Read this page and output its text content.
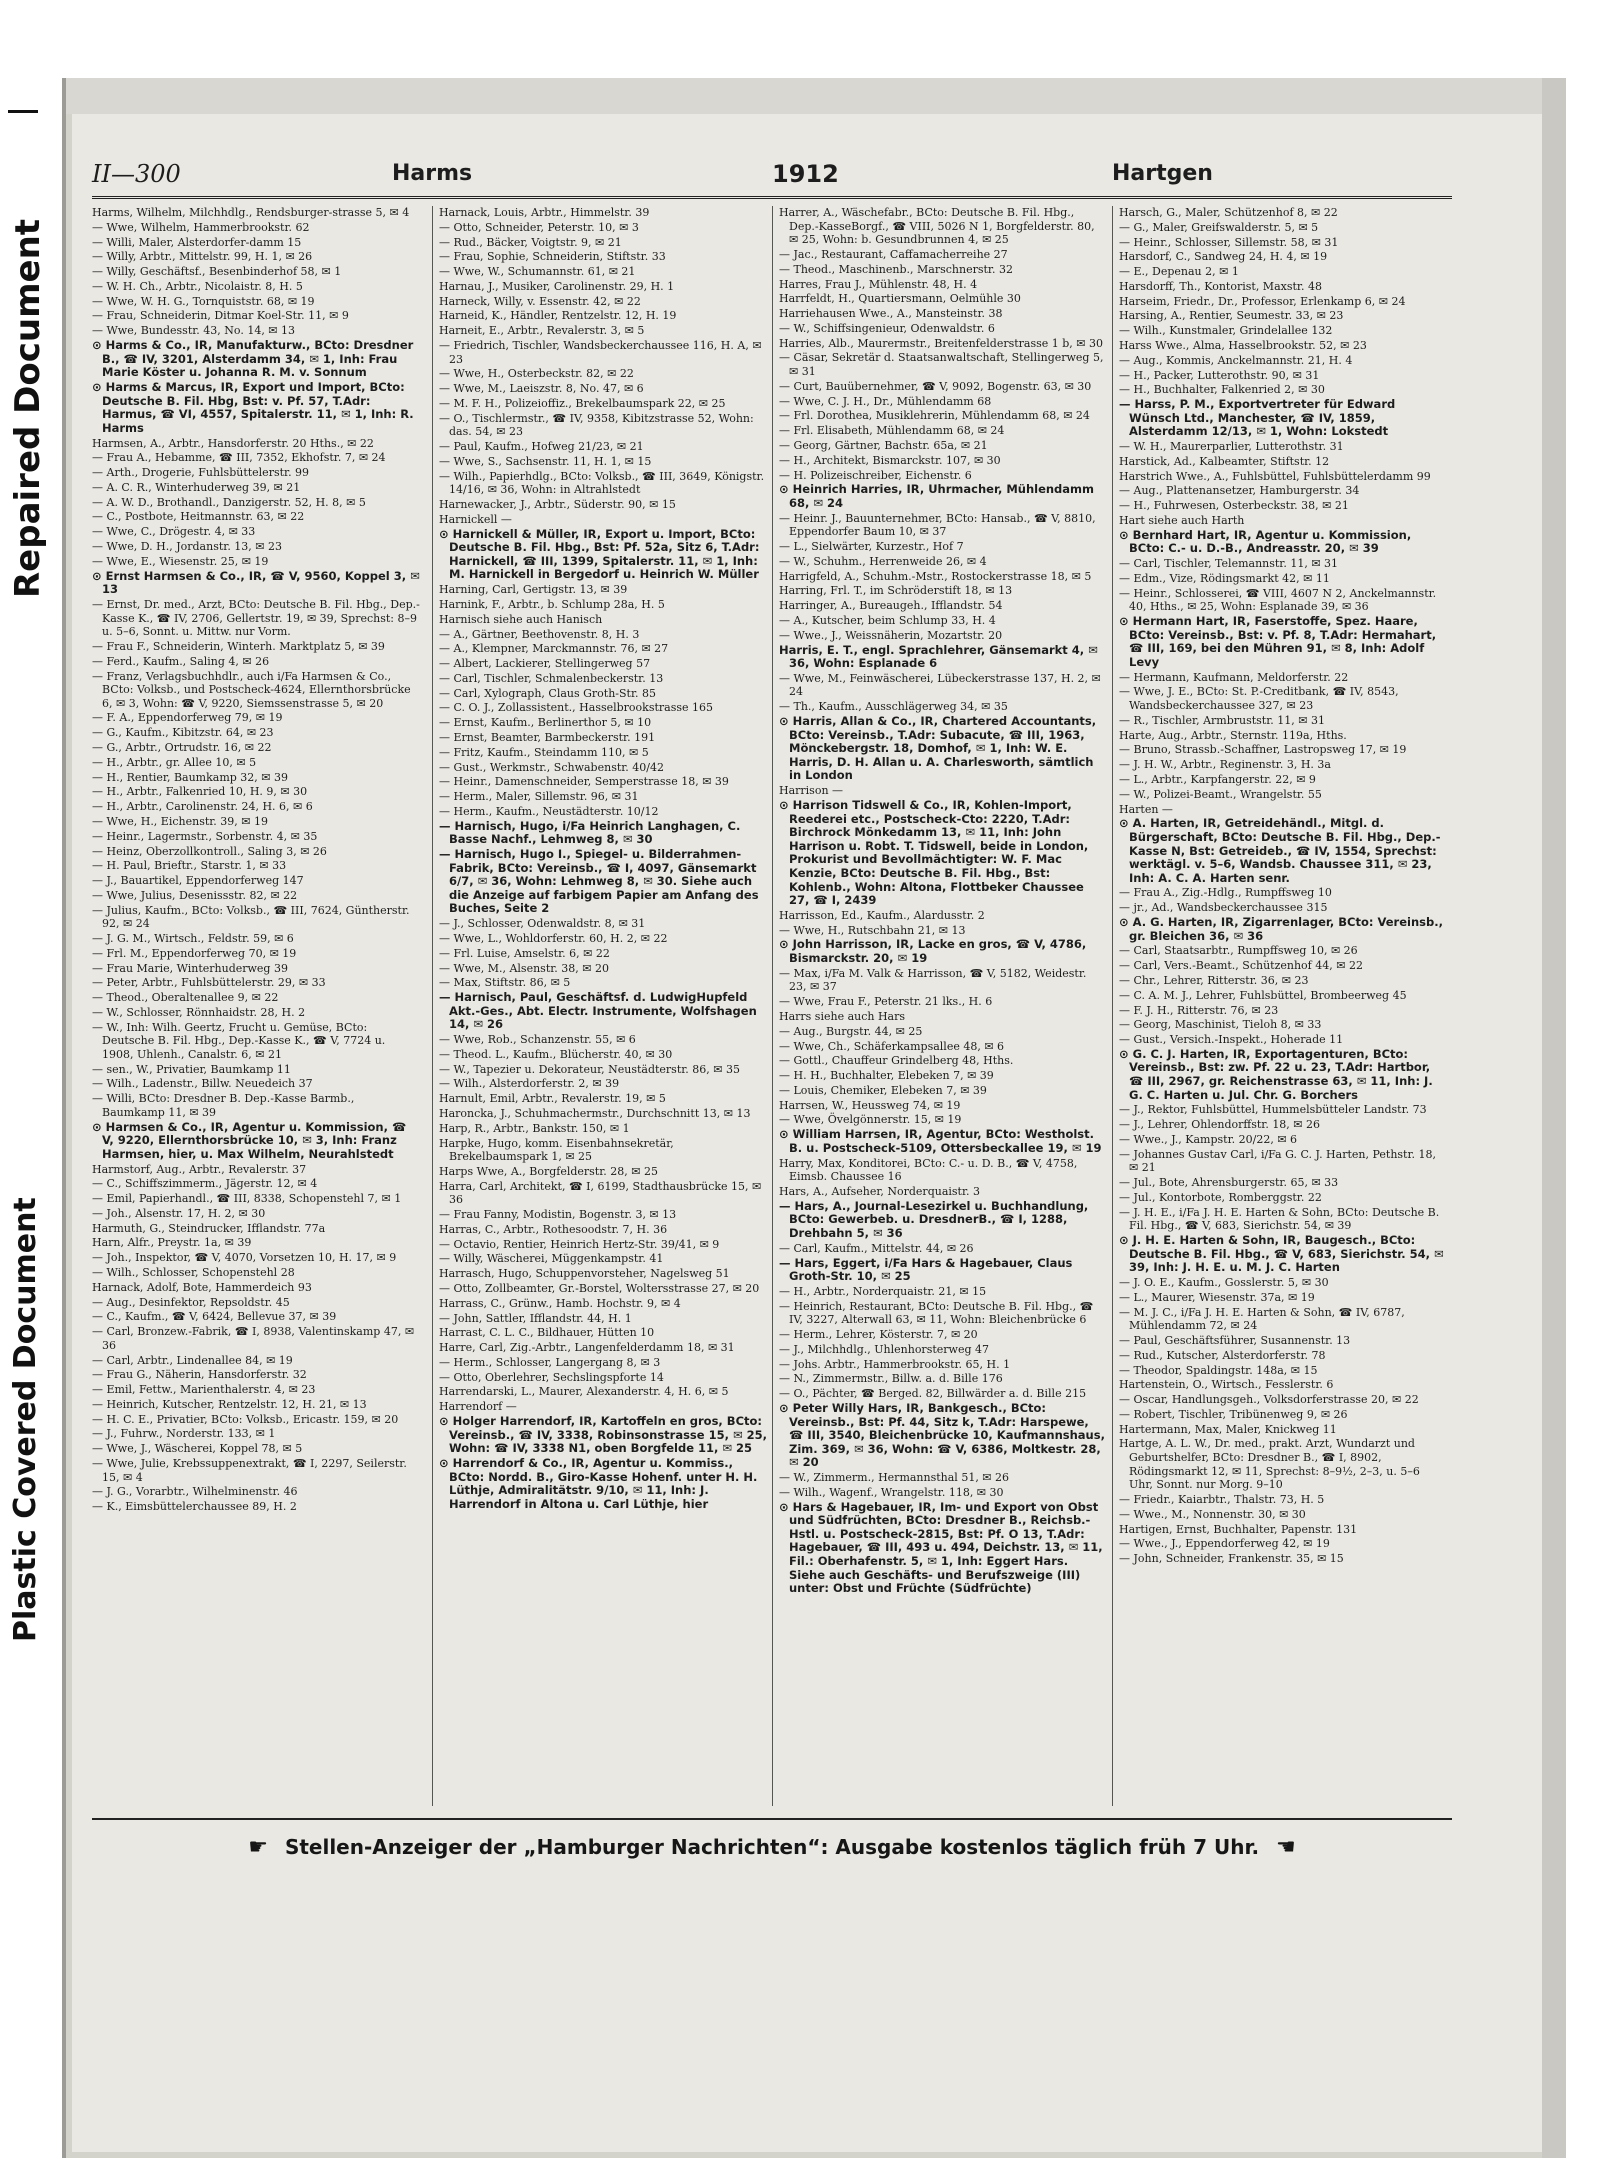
Repaired Document
Plastic Covered Document
II—300	Harms	1912	Hartgen
Harms, Wilhelm, Milchhdlg., Rendsburger-strasse 5, ✉ 4
— Wwe, Wilhelm, Hammerbrookstr. 62
— Willi, Maler, Alsterdorfer-damm 15
— Willy, Arbtr., Mittelstr. 99, H. 1, ✉ 26
— Willy, Geschäftsf., Besenbinderhof 58, ✉ 1
— W. H. Ch., Arbtr., Nicolaistr. 8, H. 5
— Wwe, W. H. G., Tornquiststr. 68, ✉ 19
— Frau, Schneiderin, Ditmar Koel-Str. 11, ✉ 9
— Wwe, Bundesstr. 43, No. 14, ✉ 13
⊙ Harms & Co., IR, Manufakturw., BCto: Dresdner B., ☎ IV, 3201, Alsterdamm 34, ✉ 1, Inh: Frau Marie Köster u. Johanna R. M. v. Sonnum
⊙ Harms & Marcus, IR, Export und Import, BCto: Deutsche B. Fil. Hbg, Bst: v. Pf. 57, T.Adr: Harmus, ☎ VI, 4557, Spitalerstr. 11, ✉ 1, Inh: R. Harms
Harmsen, A., Arbtr., Hansdorferstr. 20 Hths., ✉ 22
— Frau A., Hebamme, ☎ III, 7352, Ekhofstr. 7, ✉ 24
— Arth., Drogerie, Fuhlsbüttelerstr. 99
— A. C. R., Winterhuderweg 39, ✉ 21
— A. W. D., Brothandl., Danzigerstr. 52, H. 8, ✉ 5
— C., Postbote, Heitmannstr. 63, ✉ 22
— Wwe, C., Drögestr. 4, ✉ 33
— Wwe, D. H., Jordanstr. 13, ✉ 23
— Wwe, E., Wiesenstr. 25, ✉ 19
⊙ Ernst Harmsen & Co., IR, ☎ V, 9560, Koppel 3, ✉ 13
— Ernst, Dr. med., Arzt, BCto: Deutsche B. Fil. Hbg., Dep.-Kasse K., ☎ IV, 2706, Gellertstr. 19, ✉ 39, Sprechst: 8–9 u. 5–6, Sonnt. u. Mittw. nur Vorm.
— Frau F., Schneiderin, Winterh. Marktplatz 5, ✉ 39
— Ferd., Kaufm., Saling 4, ✉ 26
— Franz, Verlagsbuchhdlr., auch i/Fa Harmsen & Co., BCto: Volksb., und Postscheck-4624, Ellernthorsbrücke 6, ✉ 3, Wohn: ☎ V, 9220, Siemssenstrasse 5, ✉ 20
— F. A., Eppendorferweg 79, ✉ 19
— G., Kaufm., Kibitzstr. 64, ✉ 23
— G., Arbtr., Ortrudstr. 16, ✉ 22
— H., Arbtr., gr. Allee 10, ✉ 5
— H., Rentier, Baumkamp 32, ✉ 39
— H., Arbtr., Falkenried 10, H. 9, ✉ 30
— H., Arbtr., Carolinenstr. 24, H. 6, ✉ 6
— Wwe, H., Eichenstr. 39, ✉ 19
— Heinr., Lagermstr., Sorbenstr. 4, ✉ 35
— Heinz, Oberzollkontroll., Saling 3, ✉ 26
— H. Paul, Brieftr., Starstr. 1, ✉ 33
— J., Bauartikel, Eppendorferweg 147
— Wwe, Julius, Desenissstr. 82, ✉ 22
— Julius, Kaufm., BCto: Volksb., ☎ III, 7624, Güntherstr. 92, ✉ 24
— J. G. M., Wirtsch., Feldstr. 59, ✉ 6
— Frl. M., Eppendorferweg 70, ✉ 19
— Frau Marie, Winterhuderweg 39
— Peter, Arbtr., Fuhlsbüttelerstr. 29, ✉ 33
— Theod., Oberaltenallee 9, ✉ 22
— W., Schlosser, Rönnhaidstr. 28, H. 2
— W., Inh: Wilh. Geertz, Frucht u. Gemüse, BCto: Deutsche B. Fil. Hbg., Dep.-Kasse K., ☎ V, 7724 u. 1908, Uhlenh., Canalstr. 6, ✉ 21
— sen., W., Privatier, Baumkamp 11
— Wilh., Ladenstr., Billw. Neuedeich 37
— Willi, BCto: Dresdner B. Dep.-Kasse Barmb., Baumkamp 11, ✉ 39
⊙ Harmsen & Co., IR, Agentur u. Kommission, ☎ V, 9220, Ellernthorsbrücke 10, ✉ 3, Inh: Franz Harmsen, hier, u. Max Wilhelm, Neurahlstedt
Harmstorf, Aug., Arbtr., Revalerstr. 37
— C., Schiffszimmerm., Jägerstr. 12, ✉ 4
— Emil, Papierhandl., ☎ III, 8338, Schopenstehl 7, ✉ 1
— Joh., Alsenstr. 17, H. 2, ✉ 30
Harmuth, G., Steindrucker, Ifflandstr. 77a
Harn, Alfr., Preystr. 1a, ✉ 39
— Joh., Inspektor, ☎ V, 4070, Vorsetzen 10, H. 17, ✉ 9
— Wilh., Schlosser, Schopenstehl 28
Harnack, Adolf, Bote, Hammerdeich 93
— Aug., Desinfektor, Repsoldstr. 45
— C., Kaufm., ☎ V, 6424, Bellevue 37, ✉ 39
— Carl, Bronzew.-Fabrik, ☎ I, 8938, Valentinskamp 47, ✉ 36
— Carl, Arbtr., Lindenallee 84, ✉ 19
— Frau G., Näherin, Hansdorferstr. 32
— Emil, Fettw., Marienthalerstr. 4, ✉ 23
— Heinrich, Kutscher, Rentzelstr. 12, H. 21, ✉ 13
— H. C. E., Privatier, BCto: Volksb., Ericastr. 159, ✉ 20
— J., Fuhrw., Norderstr. 133, ✉ 1
— Wwe, J., Wäscherei, Koppel 78, ✉ 5
— Wwe, Julie, Krebssuppenextrakt, ☎ I, 2297, Seilerstr. 15, ✉ 4
— J. G., Vorarbtr., Wilhelminenstr. 46
— K., Eimsbüttelerchaussee 89, H. 2
Harnack, Louis, Arbtr., Himmelstr. 39
— Otto, Schneider, Peterstr. 10, ✉ 3
— Rud., Bäcker, Voigtstr. 9, ✉ 21
— Frau, Sophie, Schneiderin, Stiftstr. 33
— Wwe, W., Schumannstr. 61, ✉ 21
Harnau, J., Musiker, Carolinenstr. 29, H. 1
Harneck, Willy, v. Essenstr. 42, ✉ 22
Harneid, K., Händler, Rentzelstr. 12, H. 19
Harneit, E., Arbtr., Revalerstr. 3, ✉ 5
— Friedrich, Tischler, Wandsbeckerchaussee 116, H. A, ✉ 23
— Wwe, H., Osterbeckstr. 82, ✉ 22
— Wwe, M., Laeiszstr. 8, No. 47, ✉ 6
— M. F. H., Polizeioffiz., Brekelbaumspark 22, ✉ 25
— O., Tischlermstr., ☎ IV, 9358, Kibitzstrasse 52, Wohn: das. 54, ✉ 23
— Paul, Kaufm., Hofweg 21/23, ✉ 21
— Wwe, S., Sachsenstr. 11, H. 1, ✉ 15
— Wilh., Papierhdlg., BCto: Volksb., ☎ III, 3649, Königstr. 14/16, ✉ 36, Wohn: in Altrahlstedt
Harnewacker, J., Arbtr., Süderstr. 90, ✉ 15
Harnickell —
⊙ Harnickell & Müller, IR, Export u. Import, BCto: Deutsche B. Fil. Hbg., Bst: Pf. 52a, Sitz 6, T.Adr: Harnickell, ☎ III, 1399, Spitalerstr. 11, ✉ 1, Inh: M. Harnickell in Bergedorf u. Heinrich W. Müller
Harning, Carl, Gertigstr. 13, ✉ 39
Harnink, F., Arbtr., b. Schlump 28a, H. 5
Harnisch siehe auch Hanisch
— A., Gärtner, Beethovenstr. 8, H. 3
— A., Klempner, Marckmannstr. 76, ✉ 27
— Albert, Lackierer, Stellingerweg 57
— Carl, Tischler, Schmalenbeckerstr. 13
— Carl, Xylograph, Claus Groth-Str. 85
— C. O. J., Zollassistent., Hasselbrookstrasse 165
— Ernst, Kaufm., Berlinerthor 5, ✉ 10
— Ernst, Beamter, Barmbeckerstr. 191
— Fritz, Kaufm., Steindamm 110, ✉ 5
— Gust., Werkmstr., Schwabenstr. 40/42
— Heinr., Damenschneider, Semperstrasse 18, ✉ 39
— Herm., Maler, Sillemstr. 96, ✉ 31
— Herm., Kaufm., Neustädterstr. 10/12
— Harnisch, Hugo, i/Fa Heinrich Langhagen, C. Basse Nachf., Lehmweg 8, ✉ 30
— Harnisch, Hugo I., Spiegel- u. Bilderrahmen-Fabrik, BCto: Vereinsb., ☎ I, 4097, Gänsemarkt 6/7, ✉ 36, Wohn: Lehmweg 8, ✉ 30. Siehe auch die Anzeige auf farbigem Papier am Anfang des Buches, Seite 2
— J., Schlosser, Odenwaldstr. 8, ✉ 31
— Wwe, L., Wohldorferstr. 60, H. 2, ✉ 22
— Frl. Luise, Amselstr. 6, ✉ 22
— Wwe, M., Alsenstr. 38, ✉ 20
— Max, Stiftstr. 86, ✉ 5
— Harnisch, Paul, Geschäftsf. d. LudwigHupfeld Akt.-Ges., Abt. Electr. Instrumente, Wolfshagen 14, ✉ 26
— Wwe, Rob., Schanzenstr. 55, ✉ 6
— Theod. L., Kaufm., Blücherstr. 40, ✉ 30
— W., Tapezier u. Dekorateur, Neustädterstr. 86, ✉ 35
— Wilh., Alsterdorferstr. 2, ✉ 39
Harnult, Emil, Arbtr., Revalerstr. 19, ✉ 5
Haroncka, J., Schuhmachermstr., Durchschnitt 13, ✉ 13
Harp, R., Arbtr., Bankstr. 150, ✉ 1
Harpke, Hugo, komm. Eisenbahnsekretär, Brekelbaumspark 1, ✉ 25
Harps Wwe, A., Borgfelderstr. 28, ✉ 25
Harra, Carl, Architekt, ☎ I, 6199, Stadthausbrücke 15, ✉ 36
— Frau Fanny, Modistin, Bogenstr. 3, ✉ 13
Harras, C., Arbtr., Rothesoodstr. 7, H. 36
— Octavio, Rentier, Heinrich Hertz-Str. 39/41, ✉ 9
— Willy, Wäscherei, Müggenkampstr. 41
Harrasch, Hugo, Schuppenvorsteher, Nagelsweg 51
— Otto, Zollbeamter, Gr.-Borstel, Woltersstrasse 27, ✉ 20
Harrass, C., Grünw., Hamb. Hochstr. 9, ✉ 4
— John, Sattler, Ifflandstr. 44, H. 1
Harrast, C. L. C., Bildhauer, Hütten 10
Harre, Carl, Zig.-Arbtr., Langenfelderdamm 18, ✉ 31
— Herm., Schlosser, Langergang 8, ✉ 3
— Otto, Oberlehrer, Sechslingspforte 14
Harrendarski, L., Maurer, Alexanderstr. 4, H. 6, ✉ 5
Harrendorf —
⊙ Holger Harrendorf, IR, Kartoffeln en gros, BCto: Vereinsb., ☎ IV, 3338, Robinsonstrasse 15, ✉ 25, Wohn: ☎ IV, 3338 N1, oben Borgfelde 11, ✉ 25
⊙ Harrendorf & Co., IR, Agentur u. Kommiss., BCto: Nordd. B., Giro-Kasse Hohenf. unter H. H. Lüthje, Admiralitätstr. 9/10, ✉ 11, Inh: J. Harrendorf in Altona u. Carl Lüthje, hier
Harrer, A., Wäschefabr., BCto: Deutsche B. Fil. Hbg., Dep.-KasseBorgf., ☎ VIII, 5026 N 1, Borgfelderstr. 80, ✉ 25, Wohn: b. Gesundbrunnen 4, ✉ 25
— Jac., Restaurant, Caffamacherreihe 27
— Theod., Maschinenb., Marschnerstr. 32
Harres, Frau J., Mühlenstr. 48, H. 4
Harrfeldt, H., Quartiersmann, Oelmühle 30
Harriehausen Wwe., A., Mansteinstr. 38
— W., Schiffsingenieur, Odenwaldstr. 6
Harries, Alb., Maurermstr., Breitenfelderstrasse 1 b, ✉ 30
— Cäsar, Sekretär d. Staatsanwaltschaft, Stellingerweg 5, ✉ 31
— Curt, Bauübernehmer, ☎ V, 9092, Bogenstr. 63, ✉ 30
— Wwe, C. J. H., Dr., Mühlendamm 68
— Frl. Dorothea, Musiklehrerin, Mühlendamm 68, ✉ 24
— Frl. Elisabeth, Mühlendamm 68, ✉ 24
— Georg, Gärtner, Bachstr. 65a, ✉ 21
— H., Architekt, Bismarckstr. 107, ✉ 30
— H. Polizeischreiber, Eichenstr. 6
⊙ Heinrich Harries, IR, Uhrmacher, Mühlendamm 68, ✉ 24
— Heinr. J., Bauunternehmer, BCto: Hansab., ☎ V, 8810, Eppendorfer Baum 10, ✉ 37
— L., Sielwärter, Kurzestr., Hof 7
— W., Schuhm., Herrenweide 26, ✉ 4
Harrigfeld, A., Schuhm.-Mstr., Rostockerstrasse 18, ✉ 5
Harring, Frl. T., im Schröderstift 18, ✉ 13
Harringer, A., Bureaugeh., Ifflandstr. 54
— A., Kutscher, beim Schlump 33, H. 4
— Wwe., J., Weissnäherin, Mozartstr. 20
Harris, E. T., engl. Sprachlehrer, Gänsemarkt 4, ✉ 36, Wohn: Esplanade 6
— Wwe, M., Feinwäscherei, Lübeckerstrasse 137, H. 2, ✉ 24
— Th., Kaufm., Ausschlägerweg 34, ✉ 35
⊙ Harris, Allan & Co., IR, Chartered Accountants, BCto: Vereinsb., T.Adr: Subacute, ☎ III, 1963, Mönckebergstr. 18, Domhof, ✉ 1, Inh: W. E. Harris, D. H. Allan u. A. Charlesworth, sämtlich in London
Harrison —
⊙ Harrison Tidswell & Co., IR, Kohlen-Import, Reederei etc., Postscheck-Cto: 2220, T.Adr: Birchrock Mönkedamm 13, ✉ 11, Inh: John Harrison u. Robt. T. Tidswell, beide in London, Prokurist und Bevollmächtigter: W. F. Mac Kenzie, BCto: Deutsche B. Fil. Hbg., Bst: Kohlenb., Wohn: Altona, Flottbeker Chaussee 27, ☎ I, 2439
Harrisson, Ed., Kaufm., Alardusstr. 2
— Wwe, H., Rutschbahn 21, ✉ 13
⊙ John Harrisson, IR, Lacke en gros, ☎ V, 4786, Bismarckstr. 20, ✉ 19
— Max, i/Fa M. Valk & Harrisson, ☎ V, 5182, Weidestr. 23, ✉ 37
— Wwe, Frau F., Peterstr. 21 lks., H. 6
Harrs siehe auch Hars
— Aug., Burgstr. 44, ✉ 25
— Wwe, Ch., Schäferkampsallee 48, ✉ 6
— Gottl., Chauffeur Grindelberg 48, Hths.
— H. H., Buchhalter, Elebeken 7, ✉ 39
— Louis, Chemiker, Elebeken 7, ✉ 39
Harrsen, W., Heussweg 74, ✉ 19
— Wwe, Övelgönnerstr. 15, ✉ 19
⊙ William Harrsen, IR, Agentur, BCto: Westholst. B. u. Postscheck-5109, Ottersbeckallee 19, ✉ 19
Harry, Max, Konditorei, BCto: C.- u. D. B., ☎ V, 4758, Eimsb. Chaussee 16
Hars, A., Aufseher, Norderquaistr. 3
— Hars, A., Journal-Lesezirkel u. Buchhandlung, BCto: Gewerbeb. u. DresdnerB., ☎ I, 1288, Drehbahn 5, ✉ 36
— Carl, Kaufm., Mittelstr. 44, ✉ 26
— Hars, Eggert, i/Fa Hars & Hagebauer, Claus Groth-Str. 10, ✉ 25
— H., Arbtr., Norderquaistr. 21, ✉ 15
— Heinrich, Restaurant, BCto: Deutsche B. Fil. Hbg., ☎ IV, 3227, Alterwall 63, ✉ 11, Wohn: Bleichenbrücke 6
— Herm., Lehrer, Kösterstr. 7, ✉ 20
— J., Milchhdlg., Uhlenhorsterweg 47
— Johs. Arbtr., Hammerbrookstr. 65, H. 1
— N., Zimmermstr., Billw. a. d. Bille 176
— O., Pächter, ☎ Berged. 82, Billwärder a. d. Bille 215
⊙ Peter Willy Hars, IR, Bankgesch., BCto: Vereinsb., Bst: Pf. 44, Sitz k, T.Adr: Harspewe, ☎ III, 3540, Bleichenbrücke 10, Kaufmannshaus, Zim. 369, ✉ 36, Wohn: ☎ V, 6386, Moltkestr. 28, ✉ 20
— W., Zimmerm., Hermannsthal 51, ✉ 26
— Wilh., Wagenf., Wrangelstr. 118, ✉ 30
⊙ Hars & Hagebauer, IR, Im- und Export von Obst und Südfrüchten, BCto: Dresdner B., Reichsb.-Hstl. u. Postscheck-2815, Bst: Pf. O 13, T.Adr: Hagebauer, ☎ III, 493 u. 494, Deichstr. 13, ✉ 11, Fil.: Oberhafenstr. 5, ✉ 1, Inh: Eggert Hars. Siehe auch Geschäfts- und Berufszweige (III) unter: Obst und Früchte (Südfrüchte)
Harsch, G., Maler, Schützenhof 8, ✉ 22
— G., Maler, Greifswalderstr. 5, ✉ 5
— Heinr., Schlosser, Sillemstr. 58, ✉ 31
Harsdorf, C., Sandweg 24, H. 4, ✉ 19
— E., Depenau 2, ✉ 1
Harsdorff, Th., Kontorist, Maxstr. 48
Harseim, Friedr., Dr., Professor, Erlenkamp 6, ✉ 24
Harsing, A., Rentier, Seumestr. 33, ✉ 23
— Wilh., Kunstmaler, Grindelallee 132
Harss Wwe., Alma, Hasselbrookstr. 52, ✉ 23
— Aug., Kommis, Anckelmannstr. 21, H. 4
— H., Packer, Lutterothstr. 90, ✉ 31
— H., Buchhalter, Falkenried 2, ✉ 30
— Harss, P. M., Exportvertreter für Edward Wünsch Ltd., Manchester, ☎ IV, 1859, Alsterdamm 12/13, ✉ 1, Wohn: Lokstedt
— W. H., Maurerparlier, Lutterothstr. 31
Harstick, Ad., Kalbeamter, Stiftstr. 12
Harstrich Wwe., A., Fuhlsbüttel, Fuhlsbüttelerdamm 99
— Aug., Plattenansetzer, Hamburgerstr. 34
— H., Fuhrwesen, Osterbeckstr. 38, ✉ 21
Hart siehe auch Harth
⊙ Bernhard Hart, IR, Agentur u. Kommission, BCto: C.- u. D.-B., Andreasstr. 20, ✉ 39
— Carl, Tischler, Telemannstr. 11, ✉ 31
— Edm., Vize, Rödingsmarkt 42, ✉ 11
— Heinr., Schlosserei, ☎ VIII, 4607 N 2, Anckelmannstr. 40, Hths., ✉ 25, Wohn: Esplanade 39, ✉ 36
⊙ Hermann Hart, IR, Faserstoffe, Spez. Haare, BCto: Vereinsb., Bst: v. Pf. 8, T.Adr: Hermahart, ☎ III, 169, bei den Mühren 91, ✉ 8, Inh: Adolf Levy
— Hermann, Kaufmann, Meldorferstr. 22
— Wwe, J. E., BCto: St. P.-Creditbank, ☎ IV, 8543, Wandsbeckerchaussee 327, ✉ 23
— R., Tischler, Armbruststr. 11, ✉ 31
Harte, Aug., Arbtr., Sternstr. 119a, Hths.
— Bruno, Strassb.-Schaffner, Lastropsweg 17, ✉ 19
— J. H. W., Arbtr., Reginenstr. 3, H. 3a
— L., Arbtr., Karpfangerstr. 22, ✉ 9
— W., Polizei-Beamt., Wrangelstr. 55
Harten —
⊙ A. Harten, IR, Getreidehändl., Mitgl. d. Bürgerschaft, BCto: Deutsche B. Fil. Hbg., Dep.-Kasse N, Bst: Getreideb., ☎ IV, 1554, Sprechst: werktägl. v. 5–6, Wandsb. Chaussee 311, ✉ 23, Inh: A. C. A. Harten senr.
— Frau A., Zig.-Hdlg., Rumpffsweg 10
— jr., Ad., Wandsbeckerchaussee 315
⊙ A. G. Harten, IR, Zigarrenlager, BCto: Vereinsb., gr. Bleichen 36, ✉ 36
— Carl, Staatsarbtr., Rumpffsweg 10, ✉ 26
— Carl, Vers.-Beamt., Schützenhof 44, ✉ 22
— Chr., Lehrer, Ritterstr. 36, ✉ 23
— C. A. M. J., Lehrer, Fuhlsbüttel, Brombeerweg 45
— F. J. H., Ritterstr. 76, ✉ 23
— Georg, Maschinist, Tieloh 8, ✉ 33
— Gust., Versich.-Inspekt., Hoherade 11
⊙ G. C. J. Harten, IR, Exportagenturen, BCto: Vereinsb., Bst: zw. Pf. 22 u. 23, T.Adr: Hartbor, ☎ III, 2967, gr. Reichenstrasse 63, ✉ 11, Inh: J. G. C. Harten u. Jul. Chr. G. Borchers
— J., Rektor, Fuhlsbüttel, Hummelsbütteler Landstr. 73
— J., Lehrer, Ohlendorffstr. 18, ✉ 26
— Wwe., J., Kampstr. 20/22, ✉ 6
— Johannes Gustav Carl, i/Fa G. C. J. Harten, Pethstr. 18, ✉ 21
— Jul., Bote, Ahrensburgerstr. 65, ✉ 33
— Jul., Kontorbote, Romberggstr. 22
— J. H. E., i/Fa J. H. E. Harten & Sohn, BCto: Deutsche B. Fil. Hbg., ☎ V, 683, Sierichstr. 54, ✉ 39
⊙ J. H. E. Harten & Sohn, IR, Baugesch., BCto: Deutsche B. Fil. Hbg., ☎ V, 683, Sierichstr. 54, ✉ 39, Inh: J. H. E. u. M. J. C. Harten
— J. O. E., Kaufm., Gosslerstr. 5, ✉ 30
— L., Maurer, Wiesenstr. 37a, ✉ 19
— M. J. C., i/Fa J. H. E. Harten & Sohn, ☎ IV, 6787, Mühlendamm 72, ✉ 24
— Paul, Geschäftsführer, Susannenstr. 13
— Rud., Kutscher, Alsterdorferstr. 78
— Theodor, Spaldingstr. 148a, ✉ 15
Hartenstein, O., Wirtsch., Fesslerstr. 6
— Oscar, Handlungsgeh., Volksdorferstrasse 20, ✉ 22
— Robert, Tischler, Tribünenweg 9, ✉ 26
Hartermann, Max, Maler, Knickweg 11
Hartge, A. L. W., Dr. med., prakt. Arzt, Wundarzt und Geburtshelfer, BCto: Dresdner B., ☎ I, 8902, Rödingsmarkt 12, ✉ 11, Sprechst: 8–9½, 2–3, u. 5–6 Uhr, Sonnt. nur Morg. 9–10
— Friedr., Kaiarbtr., Thalstr. 73, H. 5
— Wwe., M., Nonnenstr. 30, ✉ 30
Hartigen, Ernst, Buchhalter, Papenstr. 131
— Wwe., J., Eppendorferweg 42, ✉ 19
— John, Schneider, Frankenstr. 35, ✉ 15
☛ Stellen-Anzeiger der „Hamburger Nachrichten“: Ausgabe kostenlos täglich früh 7 Uhr. ☚
